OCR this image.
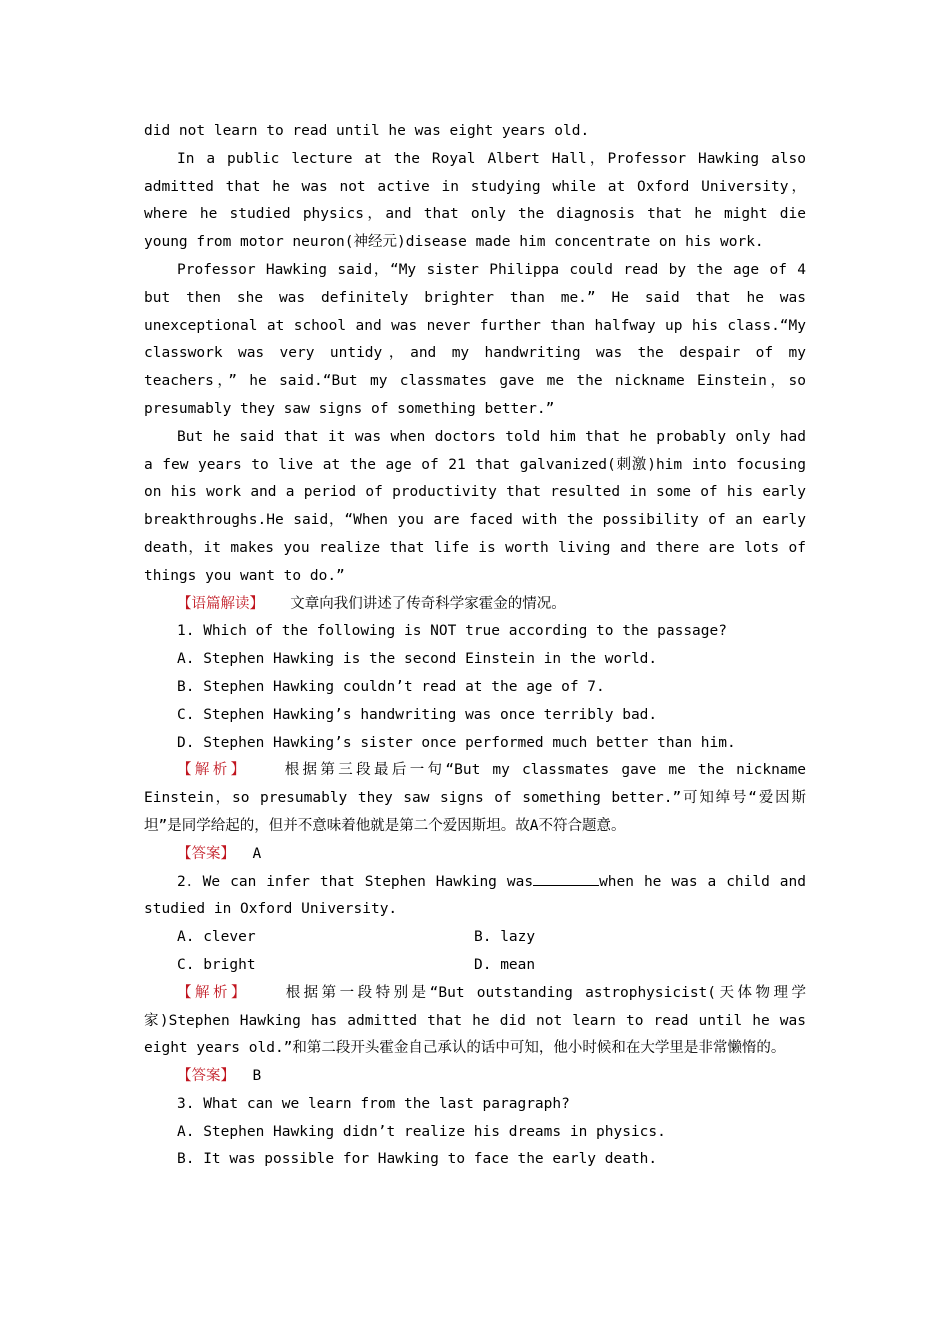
did not learn to read until he was eight years old.

In a public lecture at the Royal Albert Hall，Professor Hawking also admitted that he was not active in studying while at Oxford University，where he studied physics，and that only the diagnosis that he might die young from motor neuron(神经元)disease made him concentrate on his work.

Professor Hawking said，“My sister Philippa could read by the age of 4 but then she was definitely brighter than me.” He said that he was unexceptional at school and was never further than halfway up his class.“My classwork was very untidy，and my handwriting was the despair of my teachers，” he said.“But my classmates gave me the nickname Einstein，so presumably they saw signs of something better.”

But he said that it was when doctors told him that he probably only had a few years to live at the age of 21 that galvanized(刺激)him into focusing on his work and a period of productivity that resulted in some of his early breakthroughs.He said，“When you are faced with the possibility of an early death，it makes you realize that life is worth living and there are lots of things you want to do.”

【语篇解读】 文章向我们讲述了传奇科学家霍金的情况。

1. Which of the following is NOT true according to the passage?

A. Stephen Hawking is the second Einstein in the world.

B. Stephen Hawking couldn’t read at the age of 7.

C. Stephen Hawking’s handwriting was once terribly bad.

D. Stephen Hawking’s sister once performed much better than him.

【解析】	根据第三段最后一句“But my classmates gave me the nickname Einstein，so presumably they saw signs of something better.”可知绰号“爱因斯坦”是同学给起的，但并不意味着他就是第二个爱因斯坦。故A不符合题意。

【答案】 A

2．We can infer that Stephen Hawking was	when he was a child and studied in Oxford University.

A. clever	B. lazy
C. bright	D. mean

【解析】	根据第一段特别是“But outstanding astrophysicist(天体物理学家)Stephen Hawking has admitted that he did not learn to read until he was eight years old.”和第二段开头霍金自己承认的话中可知，他小时候和在大学里是非常懒惰的。

【答案】 B

3. What can we learn from the last paragraph?

A. Stephen Hawking didn’t realize his dreams in physics.

B. It was possible for Hawking to face the early death.
